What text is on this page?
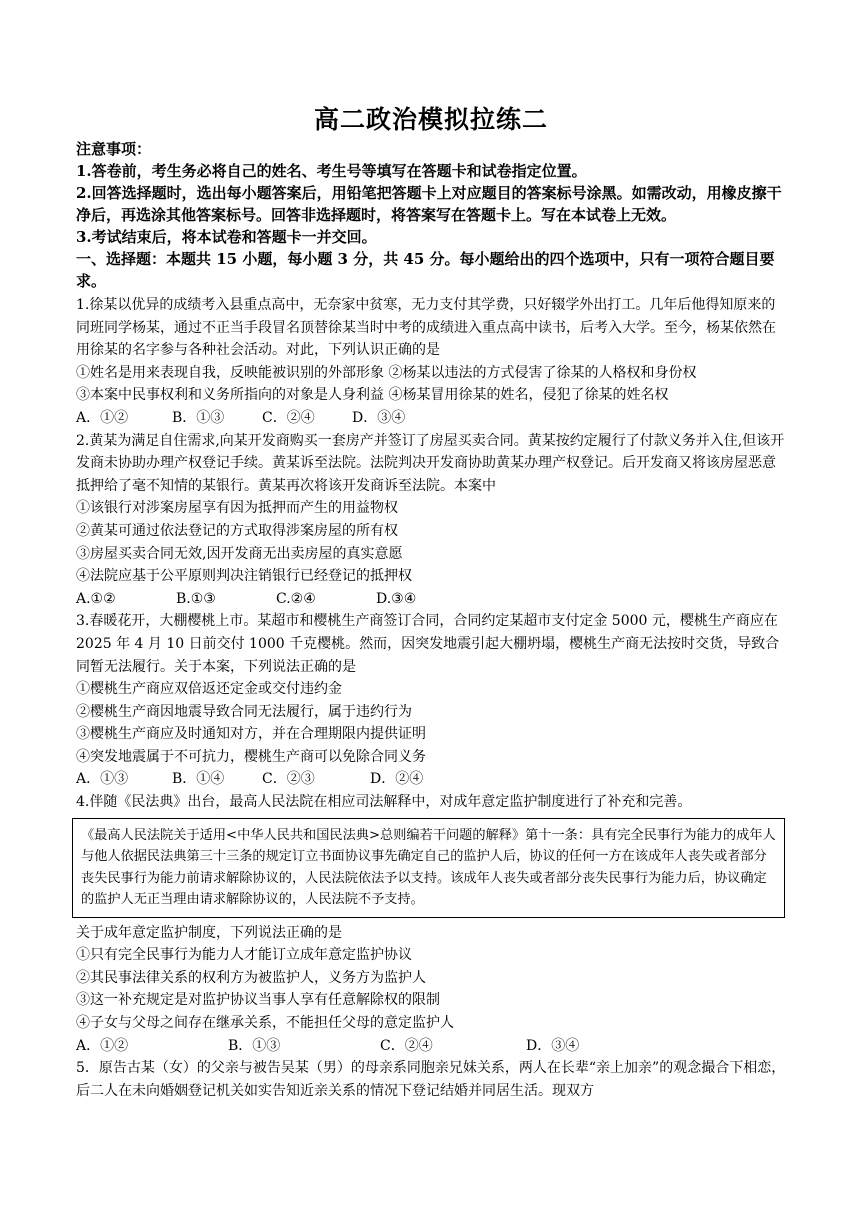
高二政治模拟拉练二

注意事项：

1.答卷前，考生务必将自己的姓名、考生号等填写在答题卡和试卷指定位置。

2.回答选择题时，选出每小题答案后，用铅笔把答题卡上对应题目的答案标号涂黑。如需改动，用橡皮擦干净后，再选涂其他答案标号。回答非选择题时，将答案写在答题卡上。写在本试卷上无效。

3.考试结束后，将本试卷和答题卡一并交回。

一、选择题：本题共 15 小题，每小题 3 分，共 45 分。每小题给出的四个选项中，只有一项符合题目要求。

1.徐某以优异的成绩考入县重点高中，无奈家中贫寒，无力支付其学费，只好辍学外出打工。几年后他得知原来的同班同学杨某，通过不正当手段冒名顶替徐某当时中考的成绩进入重点高中读书，后考入大学。至今，杨某依然在用徐某的名字参与各种社会活动。对此，下列认识正确的是

①姓名是用来表现自我，反映能被识别的外部形象 ②杨某以违法的方式侵害了徐某的人格权和身份权

③本案中民事权利和义务所指向的对象是人身利益 ④杨某冒用徐某的姓名，侵犯了徐某的姓名权

A．①②	B．①③	C．②④	D．③④

2.黄某为满足自住需求,向某开发商购买一套房产并签订了房屋买卖合同。黄某按约定履行了付款义务并入住,但该开发商未协助办理产权登记手续。黄某诉至法院。法院判决开发商协助黄某办理产权登记。后开发商又将该房屋恶意抵押给了毫不知情的某银行。黄某再次将该开发商诉至法院。本案中

①该银行对涉案房屋享有因为抵押而产生的用益物权

②黄某可通过依法登记的方式取得涉案房屋的所有权

③房屋买卖合同无效,因开发商无出卖房屋的真实意愿

④法院应基于公平原则判决注销银行已经登记的抵押权

A.①②	B.①③	C.②④	D.③④

3.春暖花开，大棚樱桃上市。某超市和樱桃生产商签订合同，合同约定某超市支付定金 5000 元，樱桃生产商应在 2025 年 4 月 10 日前交付 1000 千克樱桃。然而，因突发地震引起大棚坍塌，樱桃生产商无法按时交货，导致合同暂无法履行。关于本案，下列说法正确的是

①樱桃生产商应双倍返还定金或交付违约金

②樱桃生产商因地震导致合同无法履行，属于违约行为

③樱桃生产商应及时通知对方，并在合理期限内提供证明

④突发地震属于不可抗力，樱桃生产商可以免除合同义务

A．①③	B．①④	C．②③	D．②④

4.伴随《民法典》出台，最高人民法院在相应司法解释中，对成年意定监护制度进行了补充和完善。

《最高人民法院关于适用<中华人民共和国民法典>总则编若干问题的解释》第十一条：具有完全民事行为能力的成年人与他人依据民法典第三十三条的规定订立书面协议事先确定自己的监护人后，协议的任何一方在该成年人丧失或者部分丧失民事行为能力前请求解除协议的，人民法院依法予以支持。该成年人丧失或者部分丧失民事行为能力后，协议确定的监护人无正当理由请求解除协议的，人民法院不予支持。

关于成年意定监护制度，下列说法正确的是

①只有完全民事行为能力人才能订立成年意定监护协议

②其民事法律关系的权利方为被监护人，义务方为监护人

③这一补充规定是对监护协议当事人享有任意解除权的限制

④子女与父母之间存在继承关系，不能担任父母的意定监护人

A．①②	B．①③	C．②④	D．③④

5．原告古某（女）的父亲与被告吴某（男）的母亲系同胞亲兄妹关系，两人在长辈“亲上加亲”的观念撮合下相恋，后二人在未向婚姻登记机关如实告知近亲关系的情况下登记结婚并同居生活。现双方
